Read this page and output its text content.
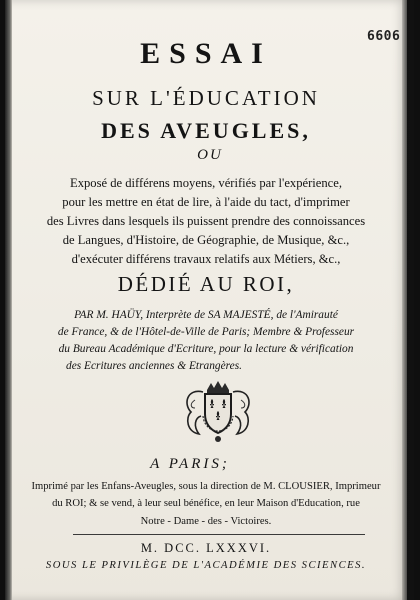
6606
ESSAI
SUR L'ÉDUCATION
DES AVEUGLES,
OU
Exposé de différens moyens, vérifiés par l'expérience,
pour les mettre en état de lire, à l'aide du tact, d'imprimer
des Livres dans lesquels ils puissent prendre des connoissances
de Langues, d'Histoire, de Géographie, de Musique, &c.,
d'exécuter différens travaux relatifs aux Métiers, &c.,
DÉDIÉ AU ROI,
PAR M. HAÜY, Interprète de SA MAJESTÉ, de l'Amirauté
de France, & de l'Hôtel-de-Ville de Paris; Membre & Professeur
du Bureau Académique d'Ecriture, pour la lecture & vérification
des Ecritures anciennes & Etrangères.
A PARIS;
Imprimé par les Enfans-Aveugles, sous la direction de M. CLOUSIER, Imprimeur
du ROI; & se vend, à leur seul bénéfice, en leur Maison d'Education, rue
Notre - Dame - des - Victoires.
M. DCC. LXXXVI.
SOUS LE PRIVILÈGE DE L'ACADÉMIE DES SCIENCES.
